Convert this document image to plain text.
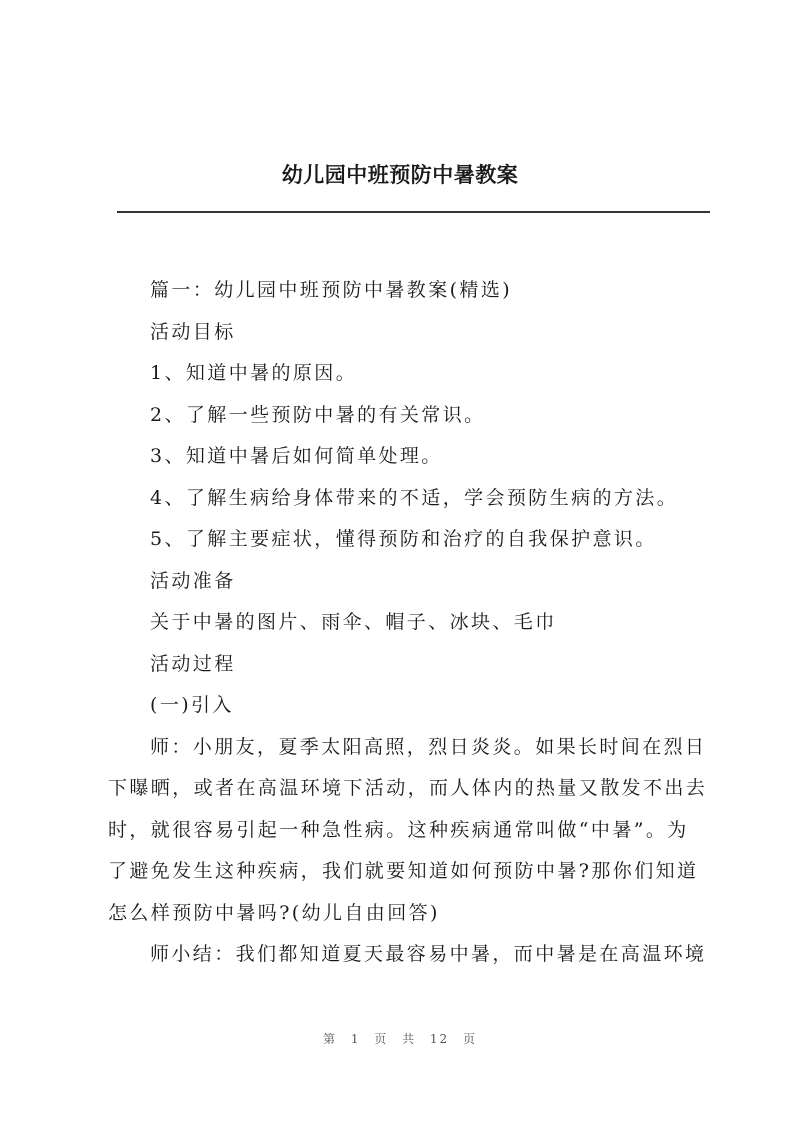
幼儿园中班预防中暑教案
篇一：幼儿园中班预防中暑教案(精选)
活动目标
1、知道中暑的原因。
2、了解一些预防中暑的有关常识。
3、知道中暑后如何简单处理。
4、了解生病给身体带来的不适，学会预防生病的方法。
5、了解主要症状，懂得预防和治疗的自我保护意识。
活动准备
关于中暑的图片、雨伞、帽子、冰块、毛巾
活动过程
(一)引入
师：小朋友，夏季太阳高照，烈日炎炎。如果长时间在烈日
下曝晒，或者在高温环境下活动，而人体内的热量又散发不出去
时，就很容易引起一种急性病。这种疾病通常叫做“中暑”。为
了避免发生这种疾病，我们就要知道如何预防中暑?那你们知道
怎么样预防中暑吗?(幼儿自由回答)
师小结：我们都知道夏天最容易中暑，而中暑是在高温环境
第 1 页 共 12 页
